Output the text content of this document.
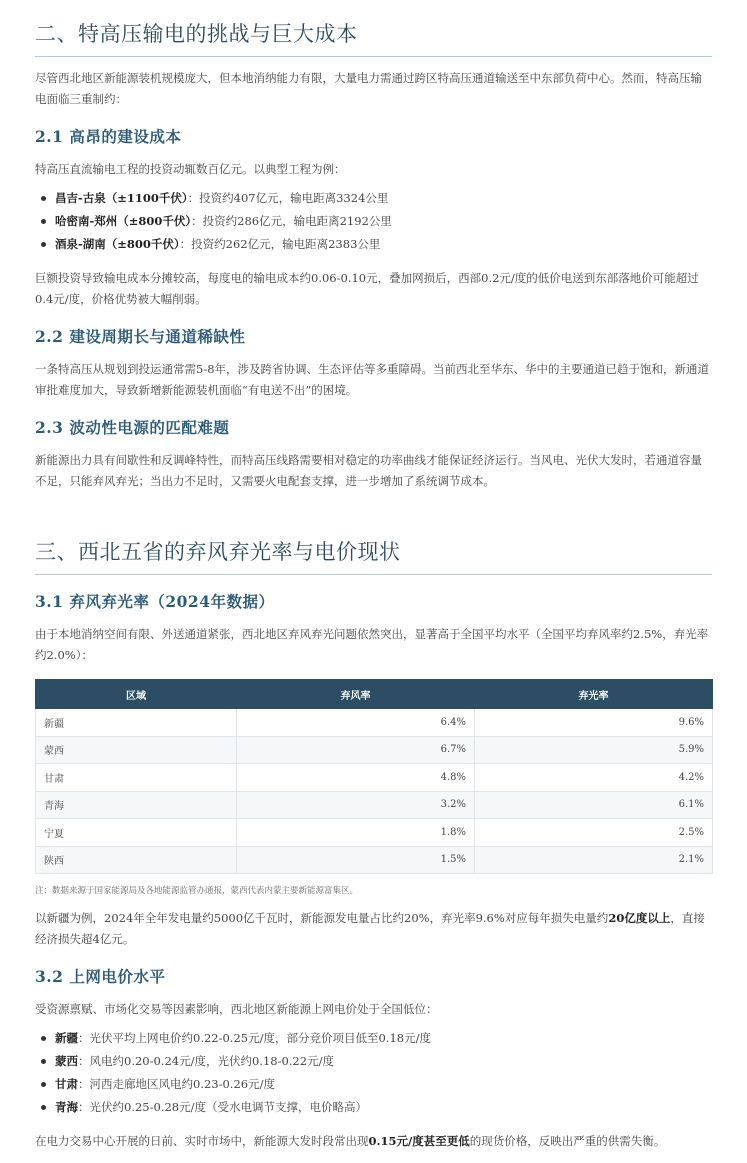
二、特高压输电的挑战与巨大成本

尽管西北地区新能源装机规模庞大，但本地消纳能力有限，大量电力需通过跨区特高压通道输送至中东部负荷中心。然而，特高压输电面临三重制约：

2.1 高昂的建设成本

特高压直流输电工程的投资动辄数百亿元。以典型工程为例：

昌吉-古泉（±1100千伏）：投资约407亿元，输电距离3324公里
哈密南-郑州（±800千伏）：投资约286亿元，输电距离2192公里
酒泉-湖南（±800千伏）：投资约262亿元，输电距离2383公里

巨额投资导致输电成本分摊较高，每度电的输电成本约0.06-0.10元，叠加网损后，西部0.2元/度的低价电送到东部落地价可能超过0.4元/度，价格优势被大幅削弱。

2.2 建设周期长与通道稀缺性

一条特高压从规划到投运通常需5-8年，涉及跨省协调、生态评估等多重障碍。当前西北至华东、华中的主要通道已趋于饱和，新通道审批难度加大，导致新增新能源装机面临“有电送不出”的困境。

2.3 波动性电源的匹配难题

新能源出力具有间歇性和反调峰特性，而特高压线路需要相对稳定的功率曲线才能保证经济运行。当风电、光伏大发时，若通道容量不足，只能弃风弃光；当出力不足时，又需要火电配套支撑，进一步增加了系统调节成本。

三、西北五省的弃风弃光率与电价现状
3.1 弃风弃光率（2024年数据）

由于本地消纳空间有限、外送通道紧张，西北地区弃风弃光问题依然突出，显著高于全国平均水平（全国平均弃风率约2.5%，弃光率约2.0%）：

区域	弃风率	弃光率
新疆	6.4%	9.6%
蒙西	6.7%	5.9%
甘肃	4.8%	4.2%
青海	3.2%	6.1%
宁夏	1.8%	2.5%
陕西	1.5%	2.1%

注：数据来源于国家能源局及各地能源监管办通报，蒙西代表内蒙主要新能源富集区。

以新疆为例，2024年全年发电量约5000亿千瓦时，新能源发电量占比约20%，弃光率9.6%对应每年损失电量约20亿度以上，直接经济损失超4亿元。

3.2 上网电价水平

受资源禀赋、市场化交易等因素影响，西北地区新能源上网电价处于全国低位：

新疆：光伏平均上网电价约0.22-0.25元/度，部分竞价项目低至0.18元/度
蒙西：风电约0.20-0.24元/度，光伏约0.18-0.22元/度
甘肃：河西走廊地区风电约0.23-0.26元/度
青海：光伏约0.25-0.28元/度（受水电调节支撑，电价略高）

在电力交易中心开展的日前、实时市场中，新能源大发时段常出现0.15元/度甚至更低的现货价格，反映出严重的供需失衡。
